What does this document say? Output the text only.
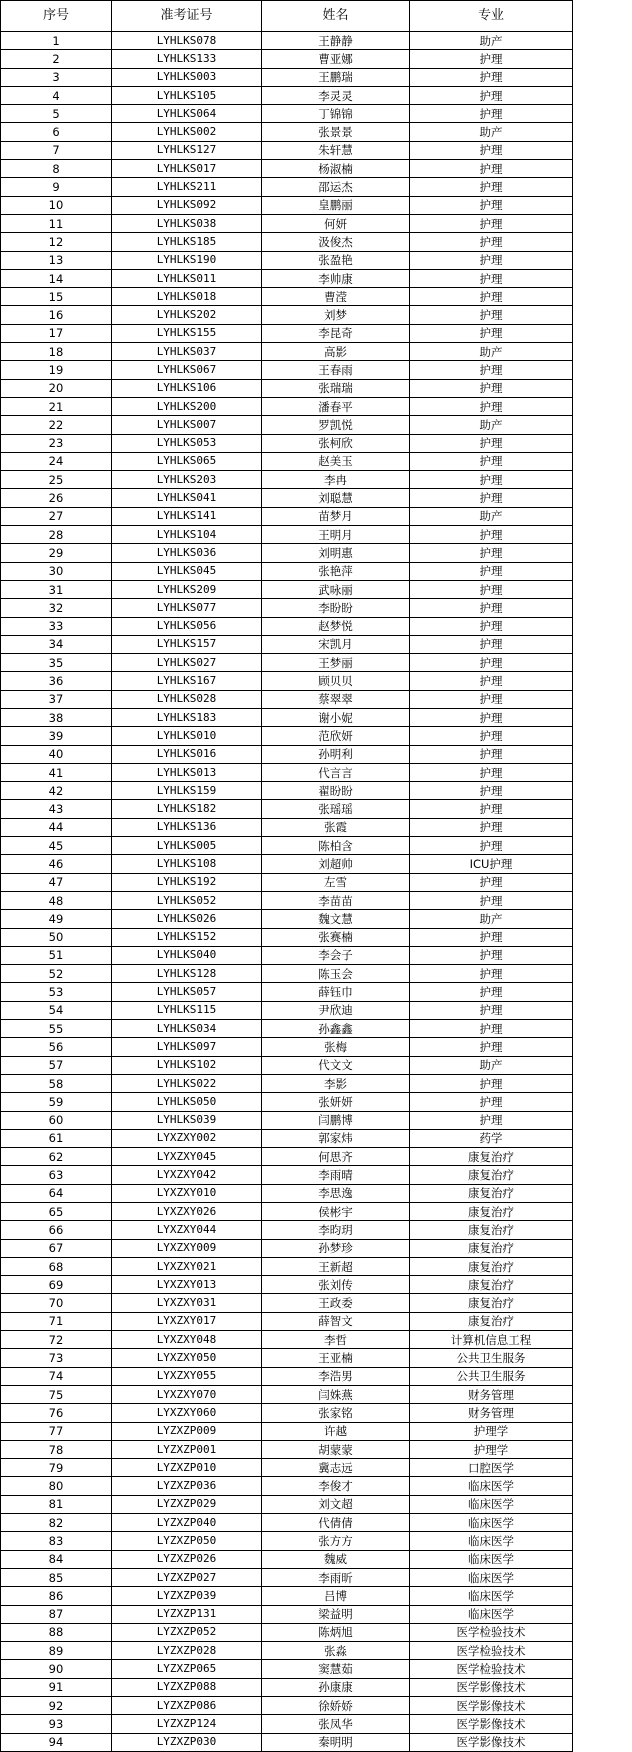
序号	准考证号	姓名	专业
1	LYHLKS078	王静静	助产
2	LYHLKS133	曹亚娜	护理
3	LYHLKS003	王鹏瑞	护理
4	LYHLKS105	李灵灵	护理
5	LYHLKS064	丁锦锦	护理
6	LYHLKS002	张景景	助产
7	LYHLKS127	朱轩慧	护理
8	LYHLKS017	杨淑楠	护理
9	LYHLKS211	邵运杰	护理
10	LYHLKS092	皇鹏丽	护理
11	LYHLKS038	何妍	护理
12	LYHLKS185	汲俊杰	护理
13	LYHLKS190	张盈艳	护理
14	LYHLKS011	李帅康	护理
15	LYHLKS018	曹滢	护理
16	LYHLKS202	刘梦	护理
17	LYHLKS155	李昆奇	护理
18	LYHLKS037	高影	助产
19	LYHLKS067	王春雨	护理
20	LYHLKS106	张瑞瑞	护理
21	LYHLKS200	潘春平	护理
22	LYHLKS007	罗凯悦	助产
23	LYHLKS053	张柯欣	护理
24	LYHLKS065	赵美玉	护理
25	LYHLKS203	李冉	护理
26	LYHLKS041	刘聪慧	护理
27	LYHLKS141	苗梦月	助产
28	LYHLKS104	王明月	护理
29	LYHLKS036	刘明惠	护理
30	LYHLKS045	张艳萍	护理
31	LYHLKS209	武咏丽	护理
32	LYHLKS077	李盼盼	护理
33	LYHLKS056	赵梦悦	护理
34	LYHLKS157	宋凯月	护理
35	LYHLKS027	王梦丽	护理
36	LYHLKS167	顾贝贝	护理
37	LYHLKS028	蔡翠翠	护理
38	LYHLKS183	谢小妮	护理
39	LYHLKS010	范欣妍	护理
40	LYHLKS016	孙明利	护理
41	LYHLKS013	代言言	护理
42	LYHLKS159	翟盼盼	护理
43	LYHLKS182	张瑶瑶	护理
44	LYHLKS136	张霞	护理
45	LYHLKS005	陈柏含	护理
46	LYHLKS108	刘超帅	ICU护理
47	LYHLKS192	左雪	护理
48	LYHLKS052	李苗苗	护理
49	LYHLKS026	魏文慧	助产
50	LYHLKS152	张赛楠	护理
51	LYHLKS040	李会子	护理
52	LYHLKS128	陈玉会	护理
53	LYHLKS057	薛钰巾	护理
54	LYHLKS115	尹欣迪	护理
55	LYHLKS034	孙鑫鑫	护理
56	LYHLKS097	张梅	护理
57	LYHLKS102	代文文	助产
58	LYHLKS022	李影	护理
59	LYHLKS050	张妍妍	护理
60	LYHLKS039	闫鹏博	护理
61	LYXZXY002	郭家炜	药学
62	LYXZXY045	何思齐	康复治疗
63	LYXZXY042	李雨晴	康复治疗
64	LYXZXY010	李思逸	康复治疗
65	LYXZXY026	侯彬宇	康复治疗
66	LYXZXY044	李昀玥	康复治疗
67	LYXZXY009	孙梦珍	康复治疗
68	LYXZXY021	王新超	康复治疗
69	LYXZXY013	张刘传	康复治疗
70	LYXZXY031	王政委	康复治疗
71	LYXZXY017	薛智文	康复治疗
72	LYXZXY048	李哲	计算机信息工程
73	LYXZXY050	王亚楠	公共卫生服务
74	LYXZXY055	李浩男	公共卫生服务
75	LYXZXY070	闫姝燕	财务管理
76	LYXZXY060	张家铭	财务管理
77	LYZXZP009	许越	护理学
78	LYZXZP001	胡蒙蒙	护理学
79	LYZXZP010	冀志远	口腔医学
80	LYZXZP036	李俊才	临床医学
81	LYZXZP029	刘文超	临床医学
82	LYZXZP040	代倩倩	临床医学
83	LYZXZP050	张方方	临床医学
84	LYZXZP026	魏威	临床医学
85	LYZXZP027	李雨昕	临床医学
86	LYZXZP039	吕博	临床医学
87	LYZXZP131	梁益明	临床医学
88	LYZXZP052	陈炳旭	医学检验技术
89	LYZXZP028	张淼	医学检验技术
90	LYZXZP065	窦慧茹	医学检验技术
91	LYZXZP088	孙康康	医学影像技术
92	LYZXZP086	徐娇娇	医学影像技术
93	LYZXZP124	张凤华	医学影像技术
94	LYZXZP030	秦明明	医学影像技术
